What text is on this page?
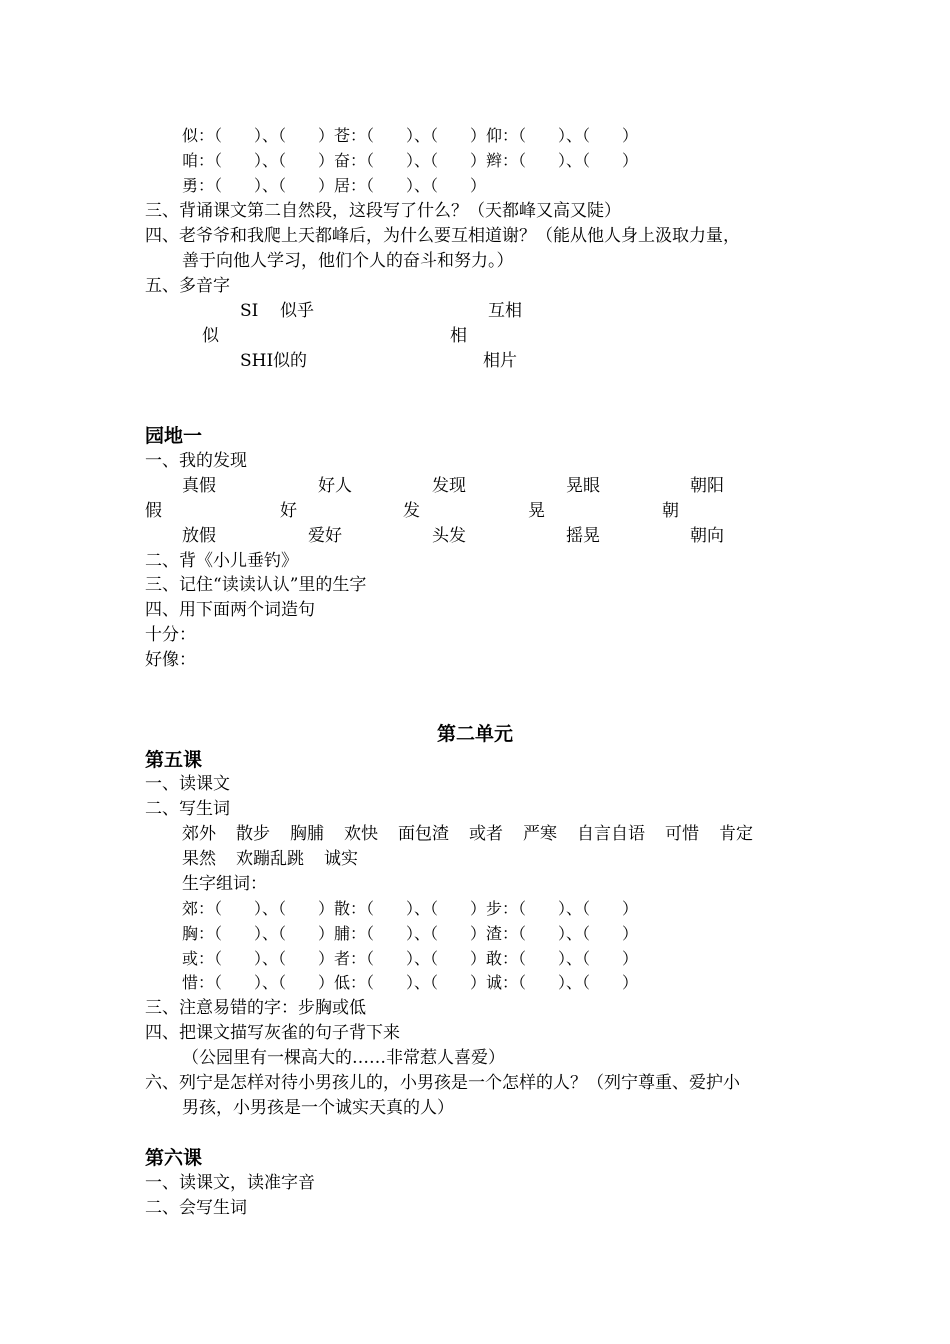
似：（　　）、（　　）苍：（　　）、（　　）仰：（　　）、（　　）
咱：（　　）、（　　）奋：（　　）、（　　）辫：（　　）、（　　）
勇：（　　）、（　　）居：（　　）、（　　）
三、背诵课文第二自然段，这段写了什么？（天都峰又高又陡）
四、老爷爷和我爬上天都峰后，为什么要互相道谢？（能从他人身上汲取力量，
善于向他人学习，他们个人的奋斗和努力。）
五、多音字
SI 似乎	互相
似	相
SHI 似的	相片
园地一
一、我的发现
真假	好人	发现	晃眼	朝阳
假	好	发	晃	朝
放假	爱好	头发	摇晃	朝向
二、背《小儿垂钓》
三、记住“读读认认”里的生字
四、用下面两个词造句
十分：
好像：
第二单元
第五课
一、读课文
二、写生词
郊外 散步 胸脯 欢快 面包渣 或者 严寒 自言自语 可惜 肯定
果然 欢蹦乱跳 诚实
生字组词：
郊：（　　）、（　　）散：（　　）、（　　）步：（　　）、（　　）
胸：（　　）、（　　）脯：（　　）、（　　）渣：（　　）、（　　）
或：（　　）、（　　）者：（　　）、（　　）敢：（　　）、（　　）
惜：（　　）、（　　）低：（　　）、（　　）诚：（　　）、（　　）
三、注意易错的字：步胸或低
四、把课文描写灰雀的句子背下来
（公园里有一棵高大的……非常惹人喜爱）
六、列宁是怎样对待小男孩儿的，小男孩是一个怎样的人？（列宁尊重、爱护小
男孩，小男孩是一个诚实天真的人）
第六课
一、读课文，读准字音
二、会写生词
